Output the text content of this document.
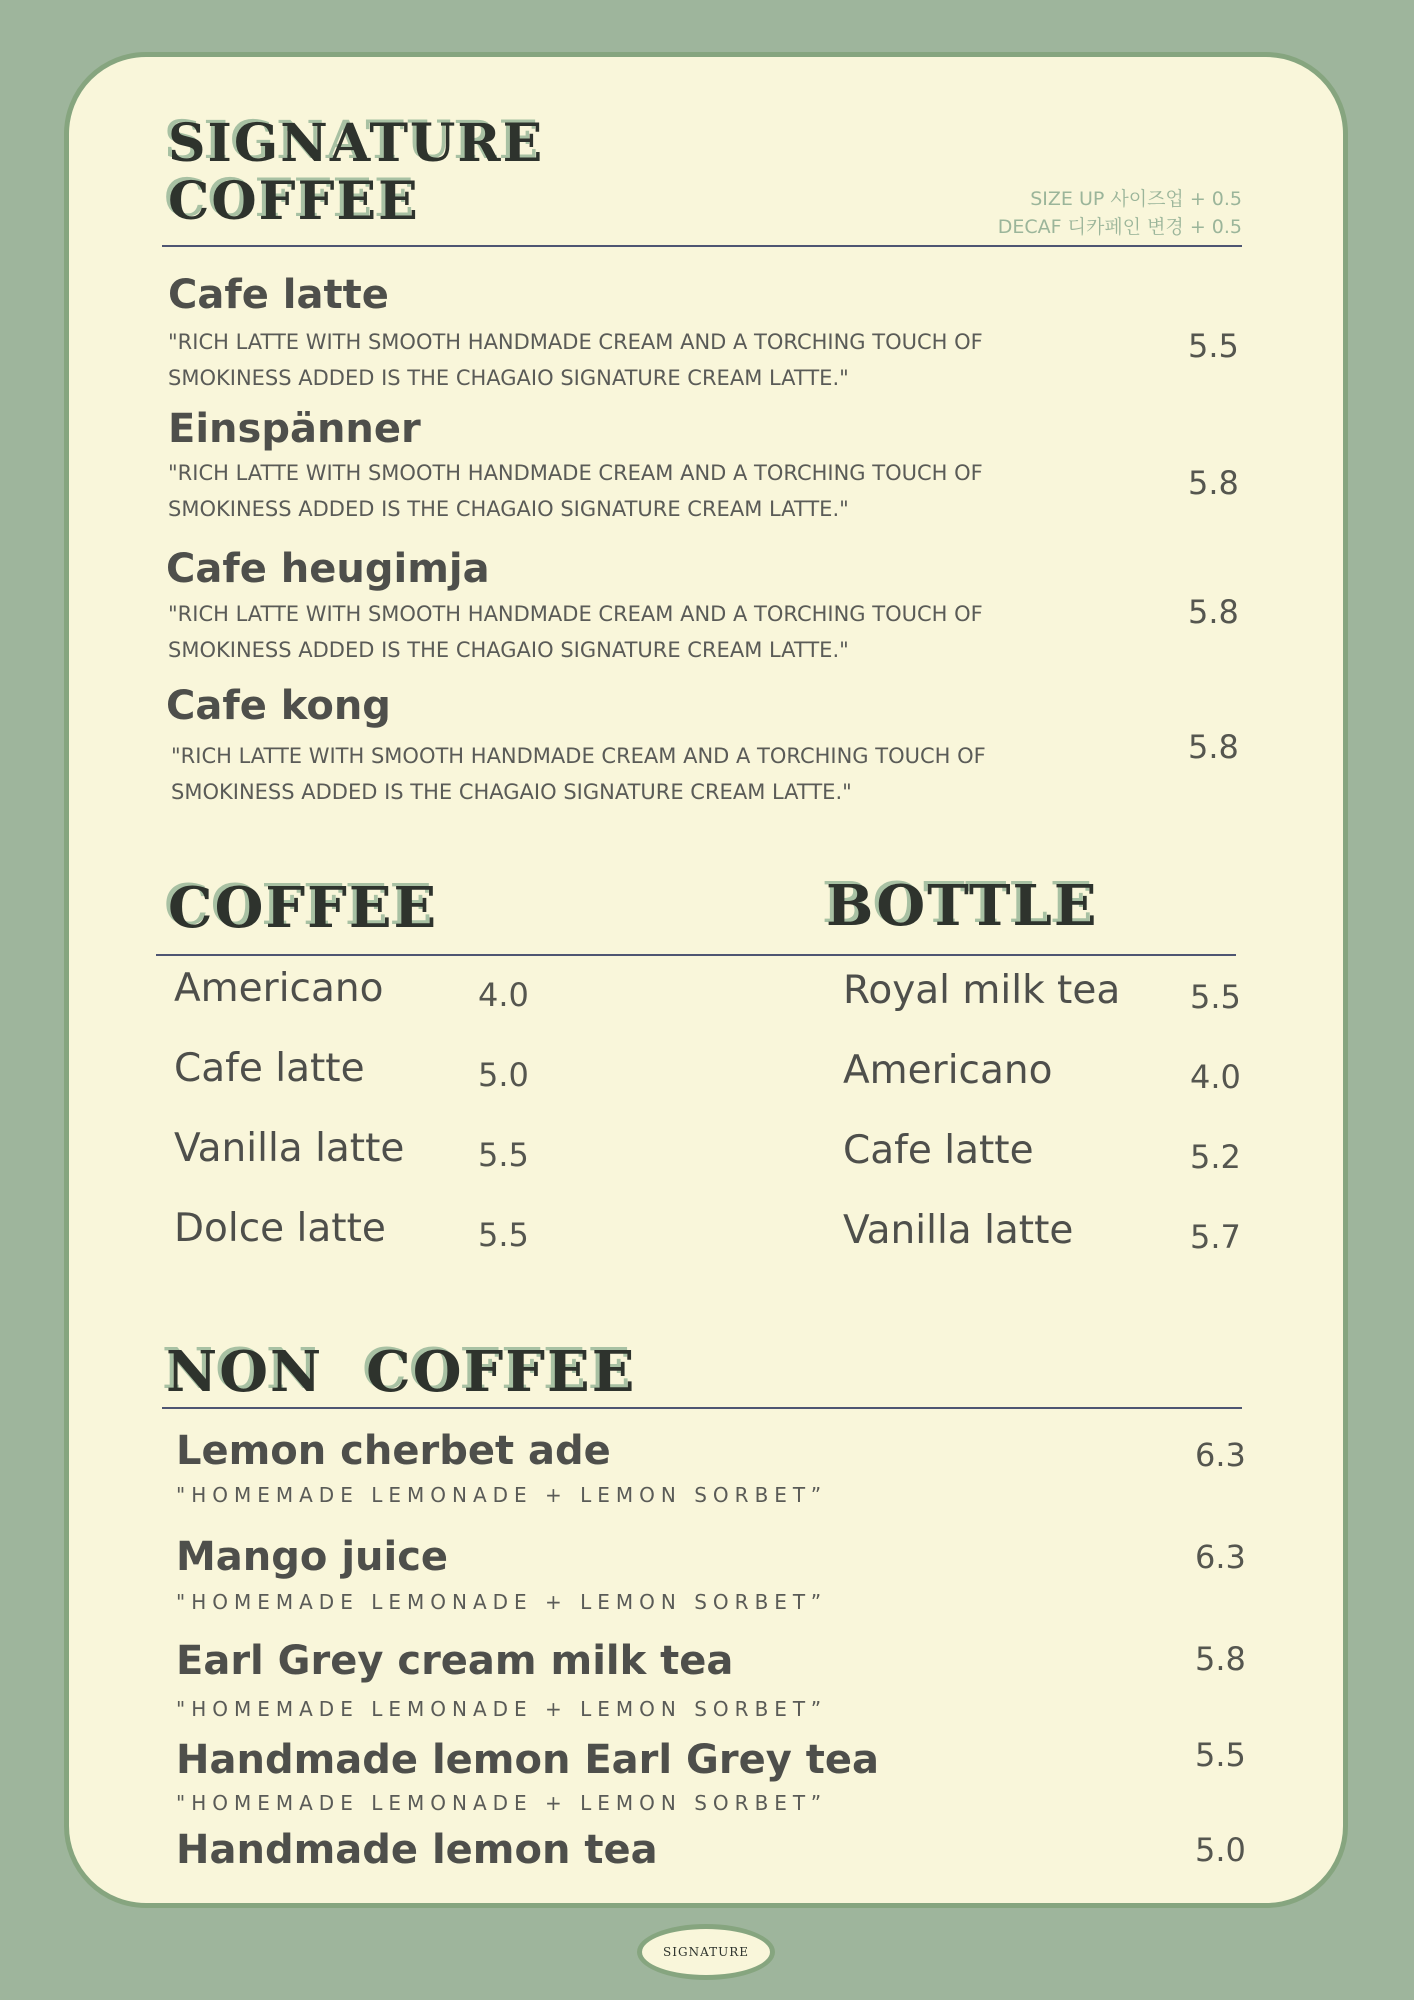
SIGNATURE
COFFEE	SIZE UP 사이즈업 + 0.5
DECAF 디카페인 변경 + 0.5
Cafe latte
"RICH LATTE WITH SMOOTH HANDMADE CREAM AND A TORCHING TOUCH OF
SMOKINESS ADDED IS THE CHAGAIO SIGNATURE CREAM LATTE."
5.5
Einspänner
"RICH LATTE WITH SMOOTH HANDMADE CREAM AND A TORCHING TOUCH OF
SMOKINESS ADDED IS THE CHAGAIO SIGNATURE CREAM LATTE."
5.8
Cafe heugimja
"RICH LATTE WITH SMOOTH HANDMADE CREAM AND A TORCHING TOUCH OF
SMOKINESS ADDED IS THE CHAGAIO SIGNATURE CREAM LATTE."
5.8
Cafe kong
"RICH LATTE WITH SMOOTH HANDMADE CREAM AND A TORCHING TOUCH OF
SMOKINESS ADDED IS THE CHAGAIO SIGNATURE CREAM LATTE."
5.8
COFFEE	BOTTLE
Americano	4.0
Cafe latte	5.0
Vanilla latte 5.5
Dolce latte	5.5
Royal milk tea 5.5
Americano	4.0
Cafe latte	5.2
Vanilla latte	5.7
NON COFFEE
Lemon cherbet ade
"HOMEMADE LEMONADE + LEMON SORBET”
6.3
Mango juice
"HOMEMADE LEMONADE + LEMON SORBET”
6.3
Earl Grey cream milk tea
"HOMEMADE LEMONADE + LEMON SORBET”
5.8
Handmade lemon Earl Grey tea
"HOMEMADE LEMONADE + LEMON SORBET”
5.5
Handmade lemon tea	5.0
SIGNATURE
